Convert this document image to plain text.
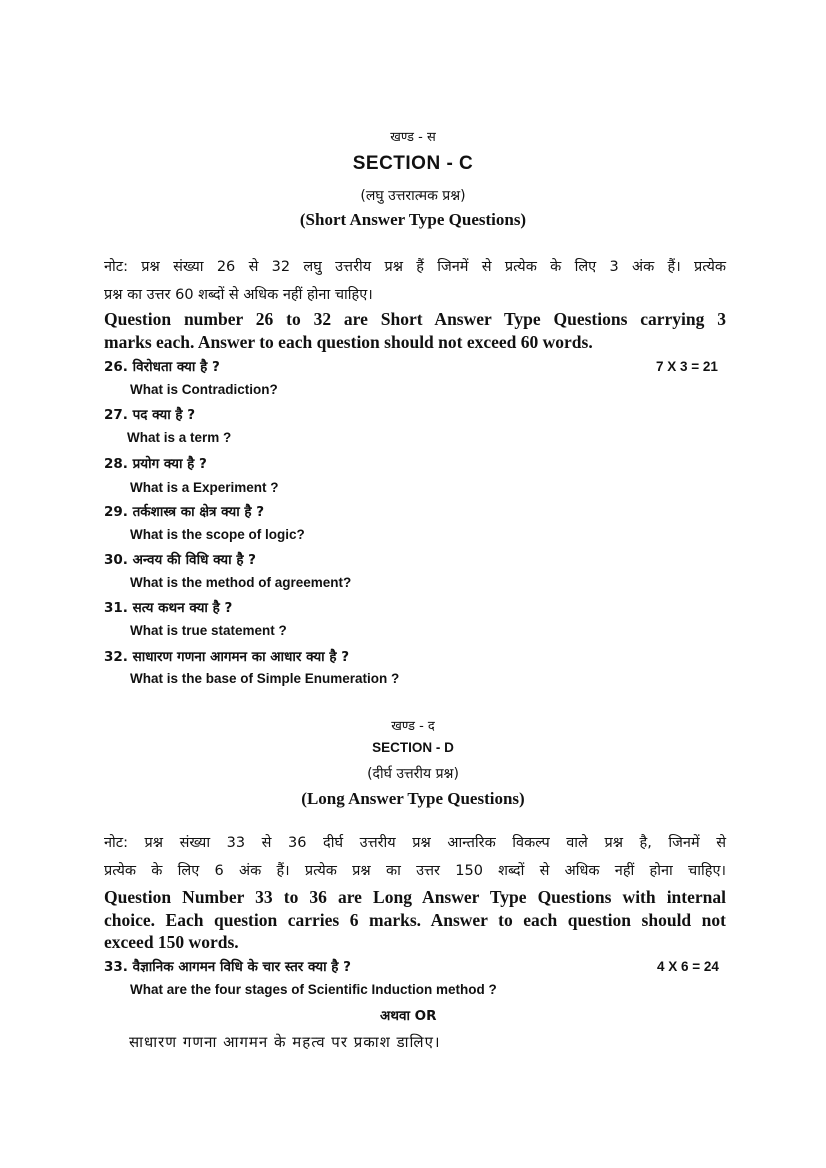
खण्ड - स
SECTION - C
(लघु उत्तरात्मक प्रश्न)
(Short Answer Type Questions)
नोट: प्रश्न संख्या 26 से 32 लघु उत्तरीय प्रश्न हैं जिनमें से प्रत्येक के लिए 3 अंक हैं। प्रत्येक
प्रश्न का उत्तर 60 शब्दों से अधिक नहीं होना चाहिए।
Question number 26 to 32 are Short Answer Type Questions carrying 3
marks each. Answer to each question should not exceed 60 words.
26. विरोधता क्या है ?	7 X 3 = 21
What is Contradiction?
27. पद क्या है ?
What is a term ?
28. प्रयोग क्या है ?
What is a Experiment ?
29. तर्कशास्त्र का क्षेत्र क्या है ?
What is the scope of logic?
30. अन्वय की विधि क्या है ?
What is the method of agreement?
31. सत्य कथन क्या है ?
What is true statement ?
32. साधारण गणना आगमन का आधार क्या है ?
What is the base of Simple Enumeration ?
खण्ड - द
SECTION - D
(दीर्घ उत्तरीय प्रश्न)
(Long Answer Type Questions)
नोट: प्रश्न संख्या 33 से 36 दीर्घ उत्तरीय प्रश्न आन्तरिक विकल्प वाले प्रश्न है, जिनमें से
प्रत्येक के लिए 6 अंक हैं। प्रत्येक प्रश्न का उत्तर 150 शब्दों से अधिक नहीं होना चाहिए।
Question Number 33 to 36 are Long Answer Type Questions with internal
choice. Each question carries 6 marks. Answer to each question should not
exceed 150 words.
33. वैज्ञानिक आगमन विधि के चार स्तर क्या है ?	4 X 6 = 24
What are the four stages of Scientific Induction method ?
अथवा OR
साधारण गणना आगमन के महत्व पर प्रकाश डालिए।
